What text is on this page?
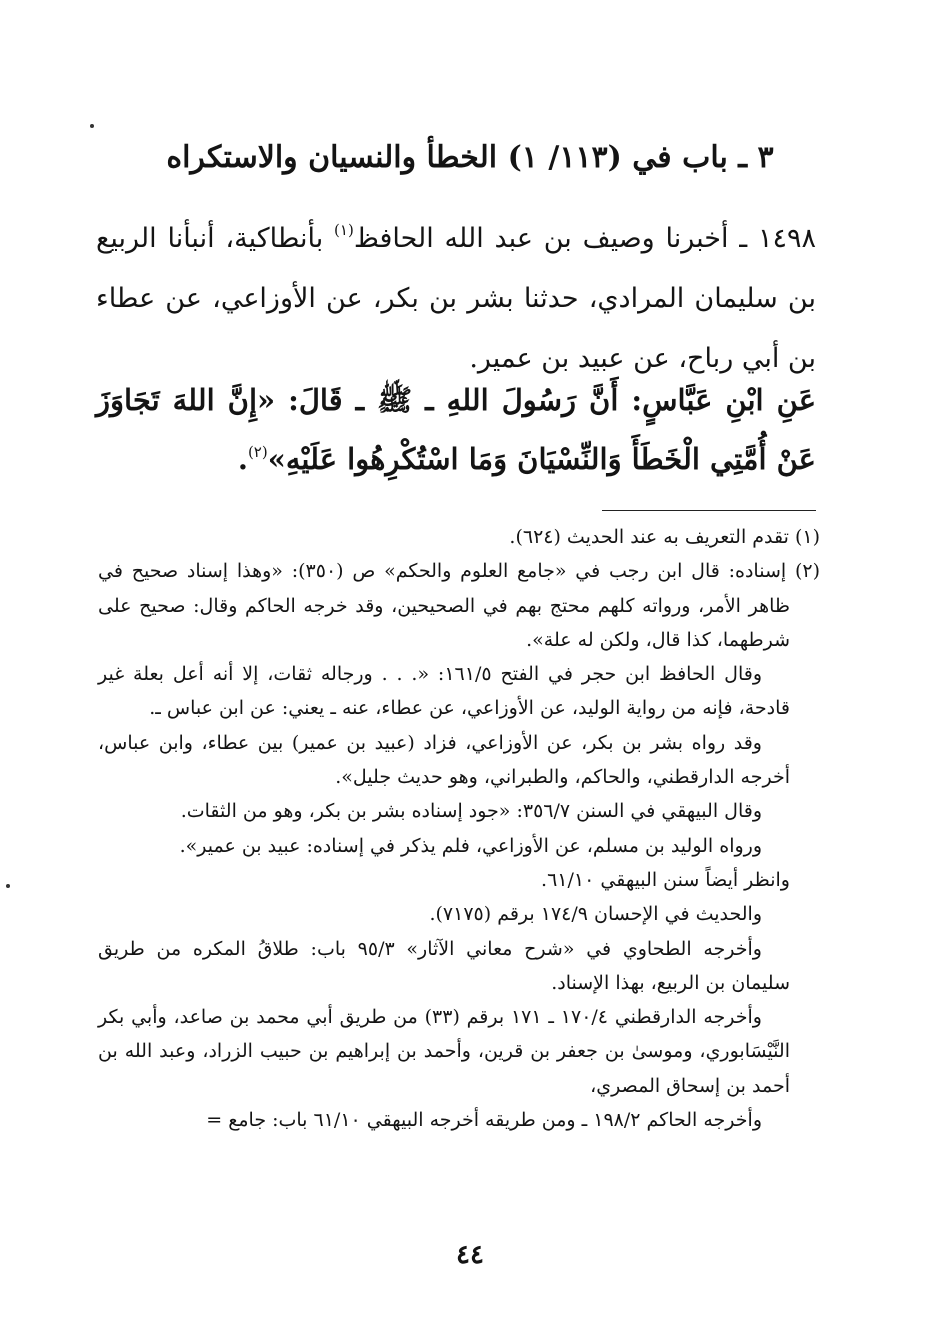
٣ ـ باب في (١١٣/ ١) الخطأ والنسيان والاستكراه

١٤٩٨ ـ أخبرنا وصيف بن عبد الله الحافظ$^{(١)}$ بأنطاكية، أنبأنا الربيع بن سليمان المرادي، حدثنا بشر بن بكر، عن الأوزاعي، عن عطاء بن أبي رباح، عن عبيد بن عمير.

عَنِ ابْنِ عَبَّاسٍ: أَنَّ رَسُولَ اللهِ ـ ﷺ ـ قَالَ: «إِنَّ اللهَ تَجَاوَزَ عَنْ أُمَّتِي الْخَطَأَ وَالنِّسْيَانَ وَمَا اسْتُكْرِهُوا عَلَيْهِ»$^{(٢)}$.

(١) تقدم التعريف به عند الحديث (٦٢٤).

(٢) إسناده: قال ابن رجب في «جامع العلوم والحكم» ص (٣٥٠): «وهذا إسناد صحيح في ظاهر الأمر، ورواته كلهم محتج بهم في الصحيحين، وقد خرجه الحاكم وقال: صحيح على شرطهما، كذا قال، ولكن له علة».

وقال الحافظ ابن حجر في الفتح ١٦١/٥: «. . . ورجاله ثقات، إلا أنه أعل بعلة غير قادحة، فإنه من رواية الوليد، عن الأوزاعي، عن عطاء، عنه ـ يعني: عن ابن عباس ـ.

وقد رواه بشر بن بكر، عن الأوزاعي، فزاد (عبيد بن عمير) بين عطاء، وابن عباس، أخرجه الدارقطني، والحاكم، والطبراني، وهو حديث جليل».

وقال البيهقي في السنن ٣٥٦/٧: «جود إسناده بشر بن بكر، وهو من الثقات.

ورواه الوليد بن مسلم، عن الأوزاعي، فلم يذكر في إسناده: عبيد بن عمير».

وانظر أيضاً سنن البيهقي ٦١/١٠.

والحديث في الإحسان ١٧٤/٩ برقم (٧١٧٥).

وأخرجه الطحاوي في «شرح معاني الآثار» ٩٥/٣ باب: طلاقُ المكره من طريق سليمان بن الربيع، بهذا الإسناد.

وأخرجه الدارقطني ١٧٠/٤ ـ ١٧١ برقم (٣٣) من طريق أبي محمد بن صاعد، وأبي بكر النَّيْسَابوري، وموسىٰ بن جعفر بن قرين، وأحمد بن إبراهيم بن حبيب الزراد، وعبد الله بن أحمد بن إسحاق المصري،

وأخرجه الحاكم ١٩٨/٢ ـ ومن طريقه أخرجه البيهقي ٦١/١٠ باب: جامع =

٤٤
